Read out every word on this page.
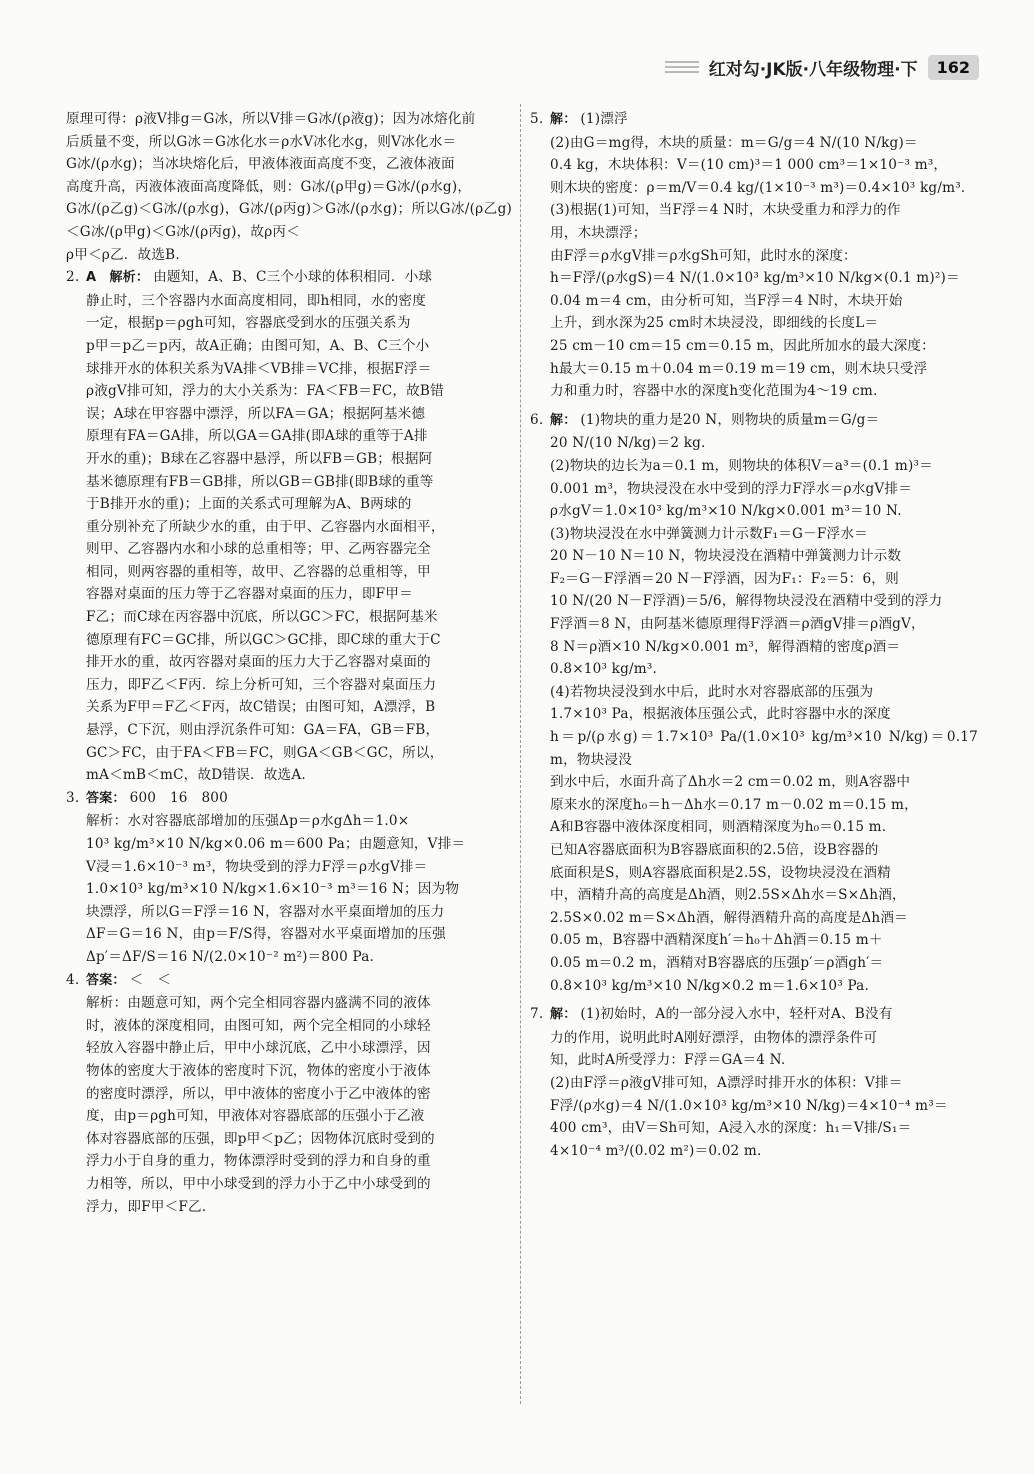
红对勾·JK版·八年级物理·下	162
原理可得：ρ液V排g＝G冰，所以V排＝G冰/(ρ液g)；因为冰熔化前
后质量不变，所以G冰＝G冰化水＝ρ水V冰化水g，则V冰化水＝
G冰/(ρ水g)；当冰块熔化后，甲液体液面高度不变，乙液体液面
高度升高，丙液体液面高度降低，则：G冰/(ρ甲g)＝G冰/(ρ水g)，
G冰/(ρ乙g)＜G冰/(ρ水g)，G冰/(ρ丙g)＞G冰/(ρ水g)；所以G冰/(ρ乙g)＜G冰/(ρ甲g)＜G冰/(ρ丙g)，故ρ丙＜
ρ甲＜ρ乙．故选B.
2. A　解析： 由题知，A、B、C三个小球的体积相同．小球
静止时，三个容器内水面高度相同，即h相同，水的密度
一定，根据p＝ρgh可知，容器底受到水的压强关系为
p甲＝p乙＝p丙，故A正确；由图可知，A、B、C三个小
球排开水的体积关系为VA排＜VB排＝VC排，根据F浮＝
ρ液gV排可知，浮力的大小关系为：FA＜FB＝FC，故B错
误；A球在甲容器中漂浮，所以FA＝GA；根据阿基米德
原理有FA＝GA排，所以GA＝GA排(即A球的重等于A排
开水的重)；B球在乙容器中悬浮，所以FB＝GB；根据阿
基米德原理有FB＝GB排，所以GB＝GB排(即B球的重等
于B排开水的重)；上面的关系式可理解为A、B两球的
重分别补充了所缺少水的重，由于甲、乙容器内水面相平，
则甲、乙容器内水和小球的总重相等；甲、乙两容器完全
相同，则两容器的重相等，故甲、乙容器的总重相等，甲
容器对桌面的压力等于乙容器对桌面的压力，即F甲＝
F乙；而C球在丙容器中沉底，所以GC＞FC，根据阿基米
德原理有FC＝GC排，所以GC＞GC排，即C球的重大于C
排开水的重，故丙容器对桌面的压力大于乙容器对桌面的
压力，即F乙＜F丙．综上分析可知，三个容器对桌面压力
关系为F甲＝F乙＜F丙，故C错误；由图可知，A漂浮，B
悬浮，C下沉，则由浮沉条件可知：GA＝FA，GB＝FB，
GC＞FC，由于FA＜FB＝FC，则GA＜GB＜GC，所以，
mA＜mB＜mC，故D错误．故选A.
3. 答案： 600　16　800
解析：水对容器底部增加的压强Δp＝ρ水gΔh＝1.0×
10³ kg/m³×10 N/kg×0.06 m＝600 Pa；由题意知，V排＝
V浸＝1.6×10⁻³ m³，物块受到的浮力F浮＝ρ水gV排＝
1.0×10³ kg/m³×10 N/kg×1.6×10⁻³ m³＝16 N；因为物
块漂浮，所以G＝F浮＝16 N，容器对水平桌面增加的压力
ΔF＝G＝16 N，由p＝F/S得，容器对水平桌面增加的压强
Δp′＝ΔF/S＝16 N/(2.0×10⁻² m²)＝800 Pa.
4. 答案： ＜　＜
解析：由题意可知，两个完全相同容器内盛满不同的液体
时，液体的深度相同，由图可知，两个完全相同的小球轻
轻放入容器中静止后，甲中小球沉底，乙中小球漂浮，因
物体的密度大于液体的密度时下沉，物体的密度小于液体
的密度时漂浮，所以，甲中液体的密度小于乙中液体的密
度，由p＝ρgh可知，甲液体对容器底部的压强小于乙液
体对容器底部的压强，即p甲＜p乙；因物体沉底时受到的
浮力小于自身的重力，物体漂浮时受到的浮力和自身的重
力相等，所以，甲中小球受到的浮力小于乙中小球受到的
浮力，即F甲＜F乙.
5. 解： (1)漂浮
(2)由G＝mg得，木块的质量：m＝G/g＝4 N/(10 N/kg)＝
0.4 kg，木块体积：V＝(10 cm)³＝1 000 cm³＝1×10⁻³ m³，
则木块的密度：ρ＝m/V＝0.4 kg/(1×10⁻³ m³)＝0.4×10³ kg/m³.
(3)根据(1)可知，当F浮＝4 N时，木块受重力和浮力的作
用，木块漂浮；
由F浮＝ρ水gV排＝ρ水gSh可知，此时水的深度：
h＝F浮/(ρ水gS)＝4 N/(1.0×10³ kg/m³×10 N/kg×(0.1 m)²)＝
0.04 m＝4 cm，由分析可知，当F浮＝4 N时，木块开始
上升，到水深为25 cm时木块浸没，即细线的长度L＝
25 cm－10 cm＝15 cm＝0.15 m，因此所加水的最大深度：
h最大＝0.15 m＋0.04 m＝0.19 m＝19 cm，则木块只受浮
力和重力时，容器中水的深度h变化范围为4～19 cm.
6. 解： (1)物块的重力是20 N，则物块的质量m＝G/g＝
20 N/(10 N/kg)＝2 kg.
(2)物块的边长为a＝0.1 m，则物块的体积V＝a³＝(0.1 m)³＝
0.001 m³，物块浸没在水中受到的浮力F浮水＝ρ水gV排＝
ρ水gV＝1.0×10³ kg/m³×10 N/kg×0.001 m³＝10 N.
(3)物块浸没在水中弹簧测力计示数F₁＝G－F浮水＝
20 N－10 N＝10 N，物块浸没在酒精中弹簧测力计示数
F₂＝G－F浮酒＝20 N－F浮酒，因为F₁：F₂＝5：6，则
10 N/(20 N－F浮酒)＝5/6，解得物块浸没在酒精中受到的浮力
F浮酒＝8 N，由阿基米德原理得F浮酒＝ρ酒gV排＝ρ酒gV，
8 N＝ρ酒×10 N/kg×0.001 m³，解得酒精的密度ρ酒＝
0.8×10³ kg/m³.
(4)若物块浸没到水中后，此时水对容器底部的压强为
1.7×10³ Pa，根据液体压强公式，此时容器中水的深度
h＝p/(ρ水g)＝1.7×10³ Pa/(1.0×10³ kg/m³×10 N/kg)＝0.17 m，物块浸没
到水中后，水面升高了Δh水＝2 cm＝0.02 m，则A容器中
原来水的深度h₀＝h－Δh水＝0.17 m－0.02 m＝0.15 m，
A和B容器中液体深度相同，则酒精深度为h₀＝0.15 m.
已知A容器底面积为B容器底面积的2.5倍，设B容器的
底面积是S，则A容器底面积是2.5S，设物块浸没在酒精
中，酒精升高的高度是Δh酒，则2.5S×Δh水＝S×Δh酒，
2.5S×0.02 m＝S×Δh酒，解得酒精升高的高度是Δh酒＝
0.05 m，B容器中酒精深度h′＝h₀＋Δh酒＝0.15 m＋
0.05 m＝0.2 m，酒精对B容器底的压强p′＝ρ酒gh′＝
0.8×10³ kg/m³×10 N/kg×0.2 m＝1.6×10³ Pa.
7. 解： (1)初始时，A的一部分浸入水中，轻杆对A、B没有
力的作用，说明此时A刚好漂浮，由物体的漂浮条件可
知，此时A所受浮力：F浮＝GA＝4 N.
(2)由F浮＝ρ液gV排可知，A漂浮时排开水的体积：V排＝
F浮/(ρ水g)＝4 N/(1.0×10³ kg/m³×10 N/kg)＝4×10⁻⁴ m³＝
400 cm³，由V＝Sh可知，A浸入水的深度：h₁＝V排/S₁＝
4×10⁻⁴ m³/(0.02 m²)＝0.02 m.
